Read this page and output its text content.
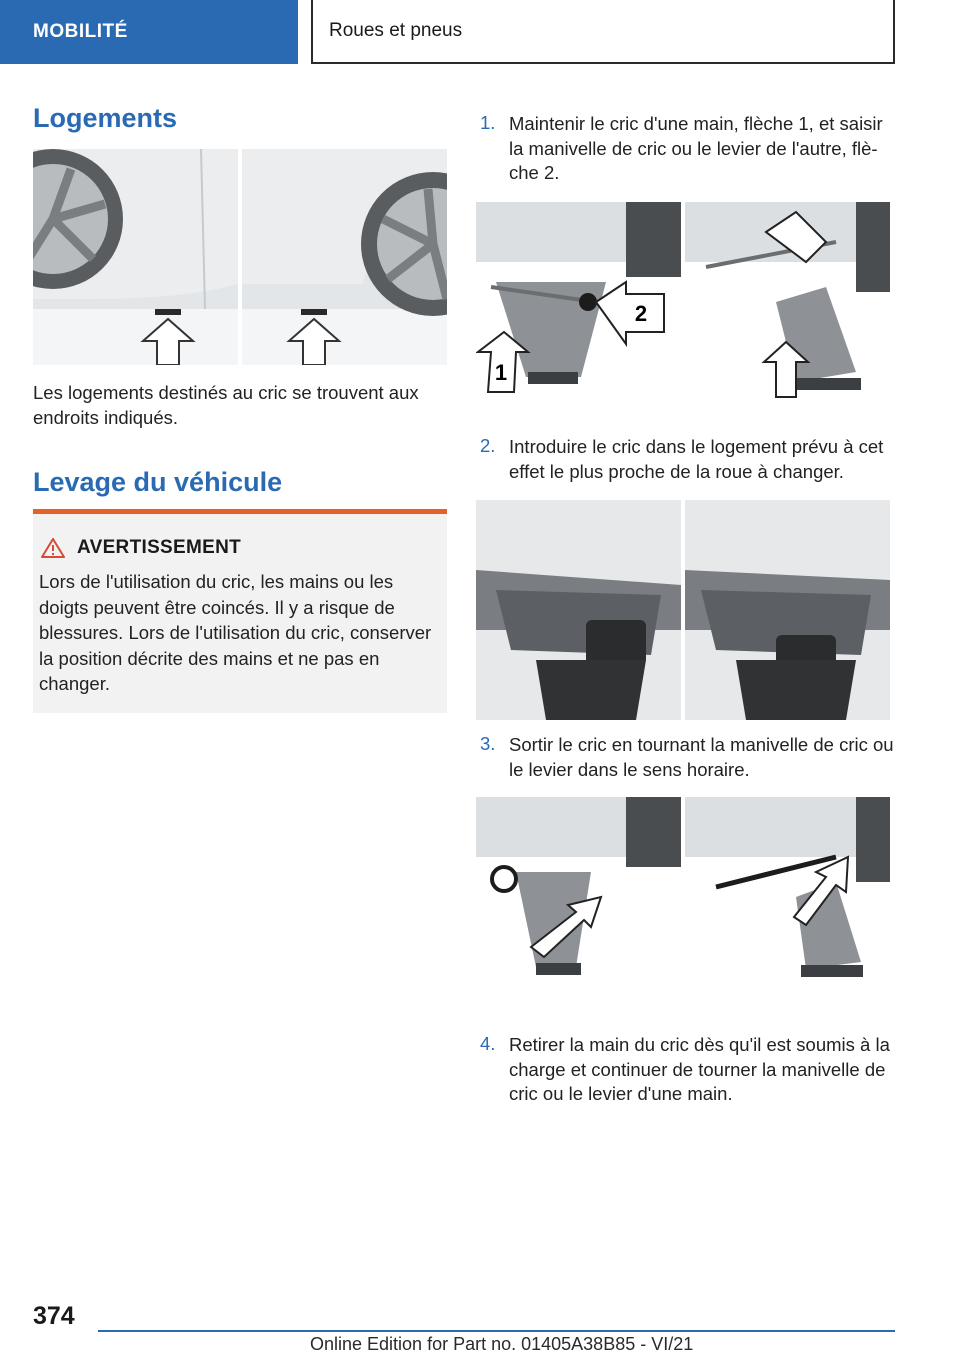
MOBILITÉ	Roues et pneus
Logements
Les logements destinés au cric se trouvent aux endroits indiqués.
Levage du véhicule
AVERTISSEMENT
Lors de l'utilisation du cric, les mains ou les doigts peuvent être coincés. Il y a risque de blessures. Lors de l'utilisation du cric, conserver la position décrite des mains et ne pas en changer.
1. Maintenir le cric d'une main, flèche 1, et saisir la manivelle de cric ou le levier de l'autre, flè-che 2.
1
2
2. Introduire le cric dans le logement prévu à cet effet le plus proche de la roue à changer.
3. Sortir le cric en tournant la manivelle de cric ou le levier dans le sens horaire.
4. Retirer la main du cric dès qu'il est soumis à la charge et continuer de tourner la manivelle de cric ou le levier d'une main.
374
Online Edition for Part no. 01405A38B85 - VI/21
